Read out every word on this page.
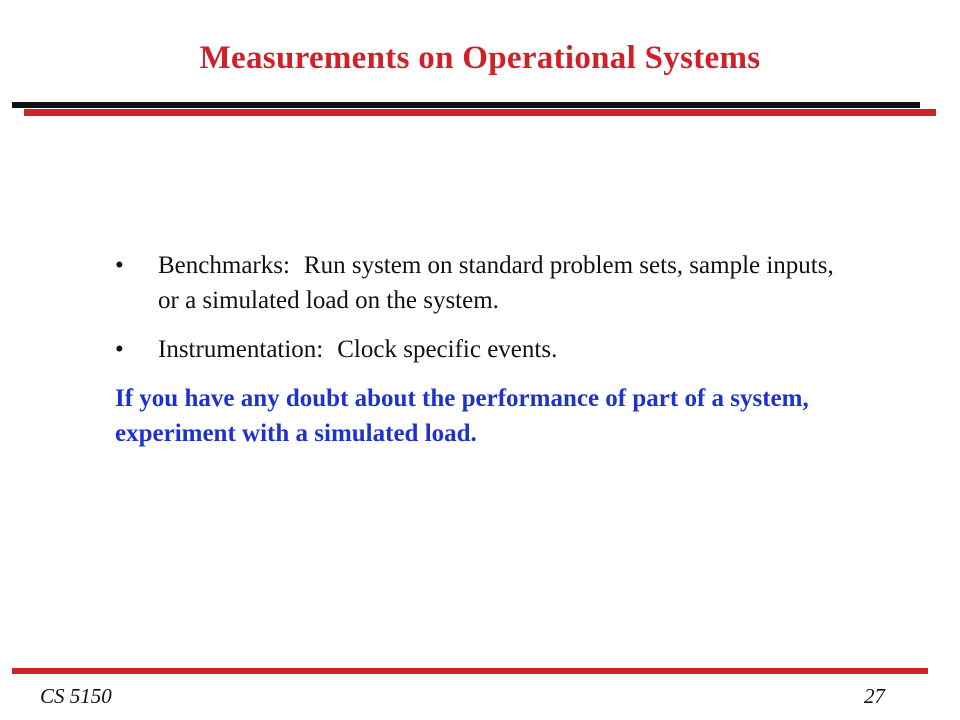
Measurements on Operational Systems
• Benchmarks: Run system on standard problem sets, sample inputs, or a simulated load on the system.
• Instrumentation: Clock specific events.
If you have any doubt about the performance of part of a system, experiment with a simulated load.
CS 5150	27
